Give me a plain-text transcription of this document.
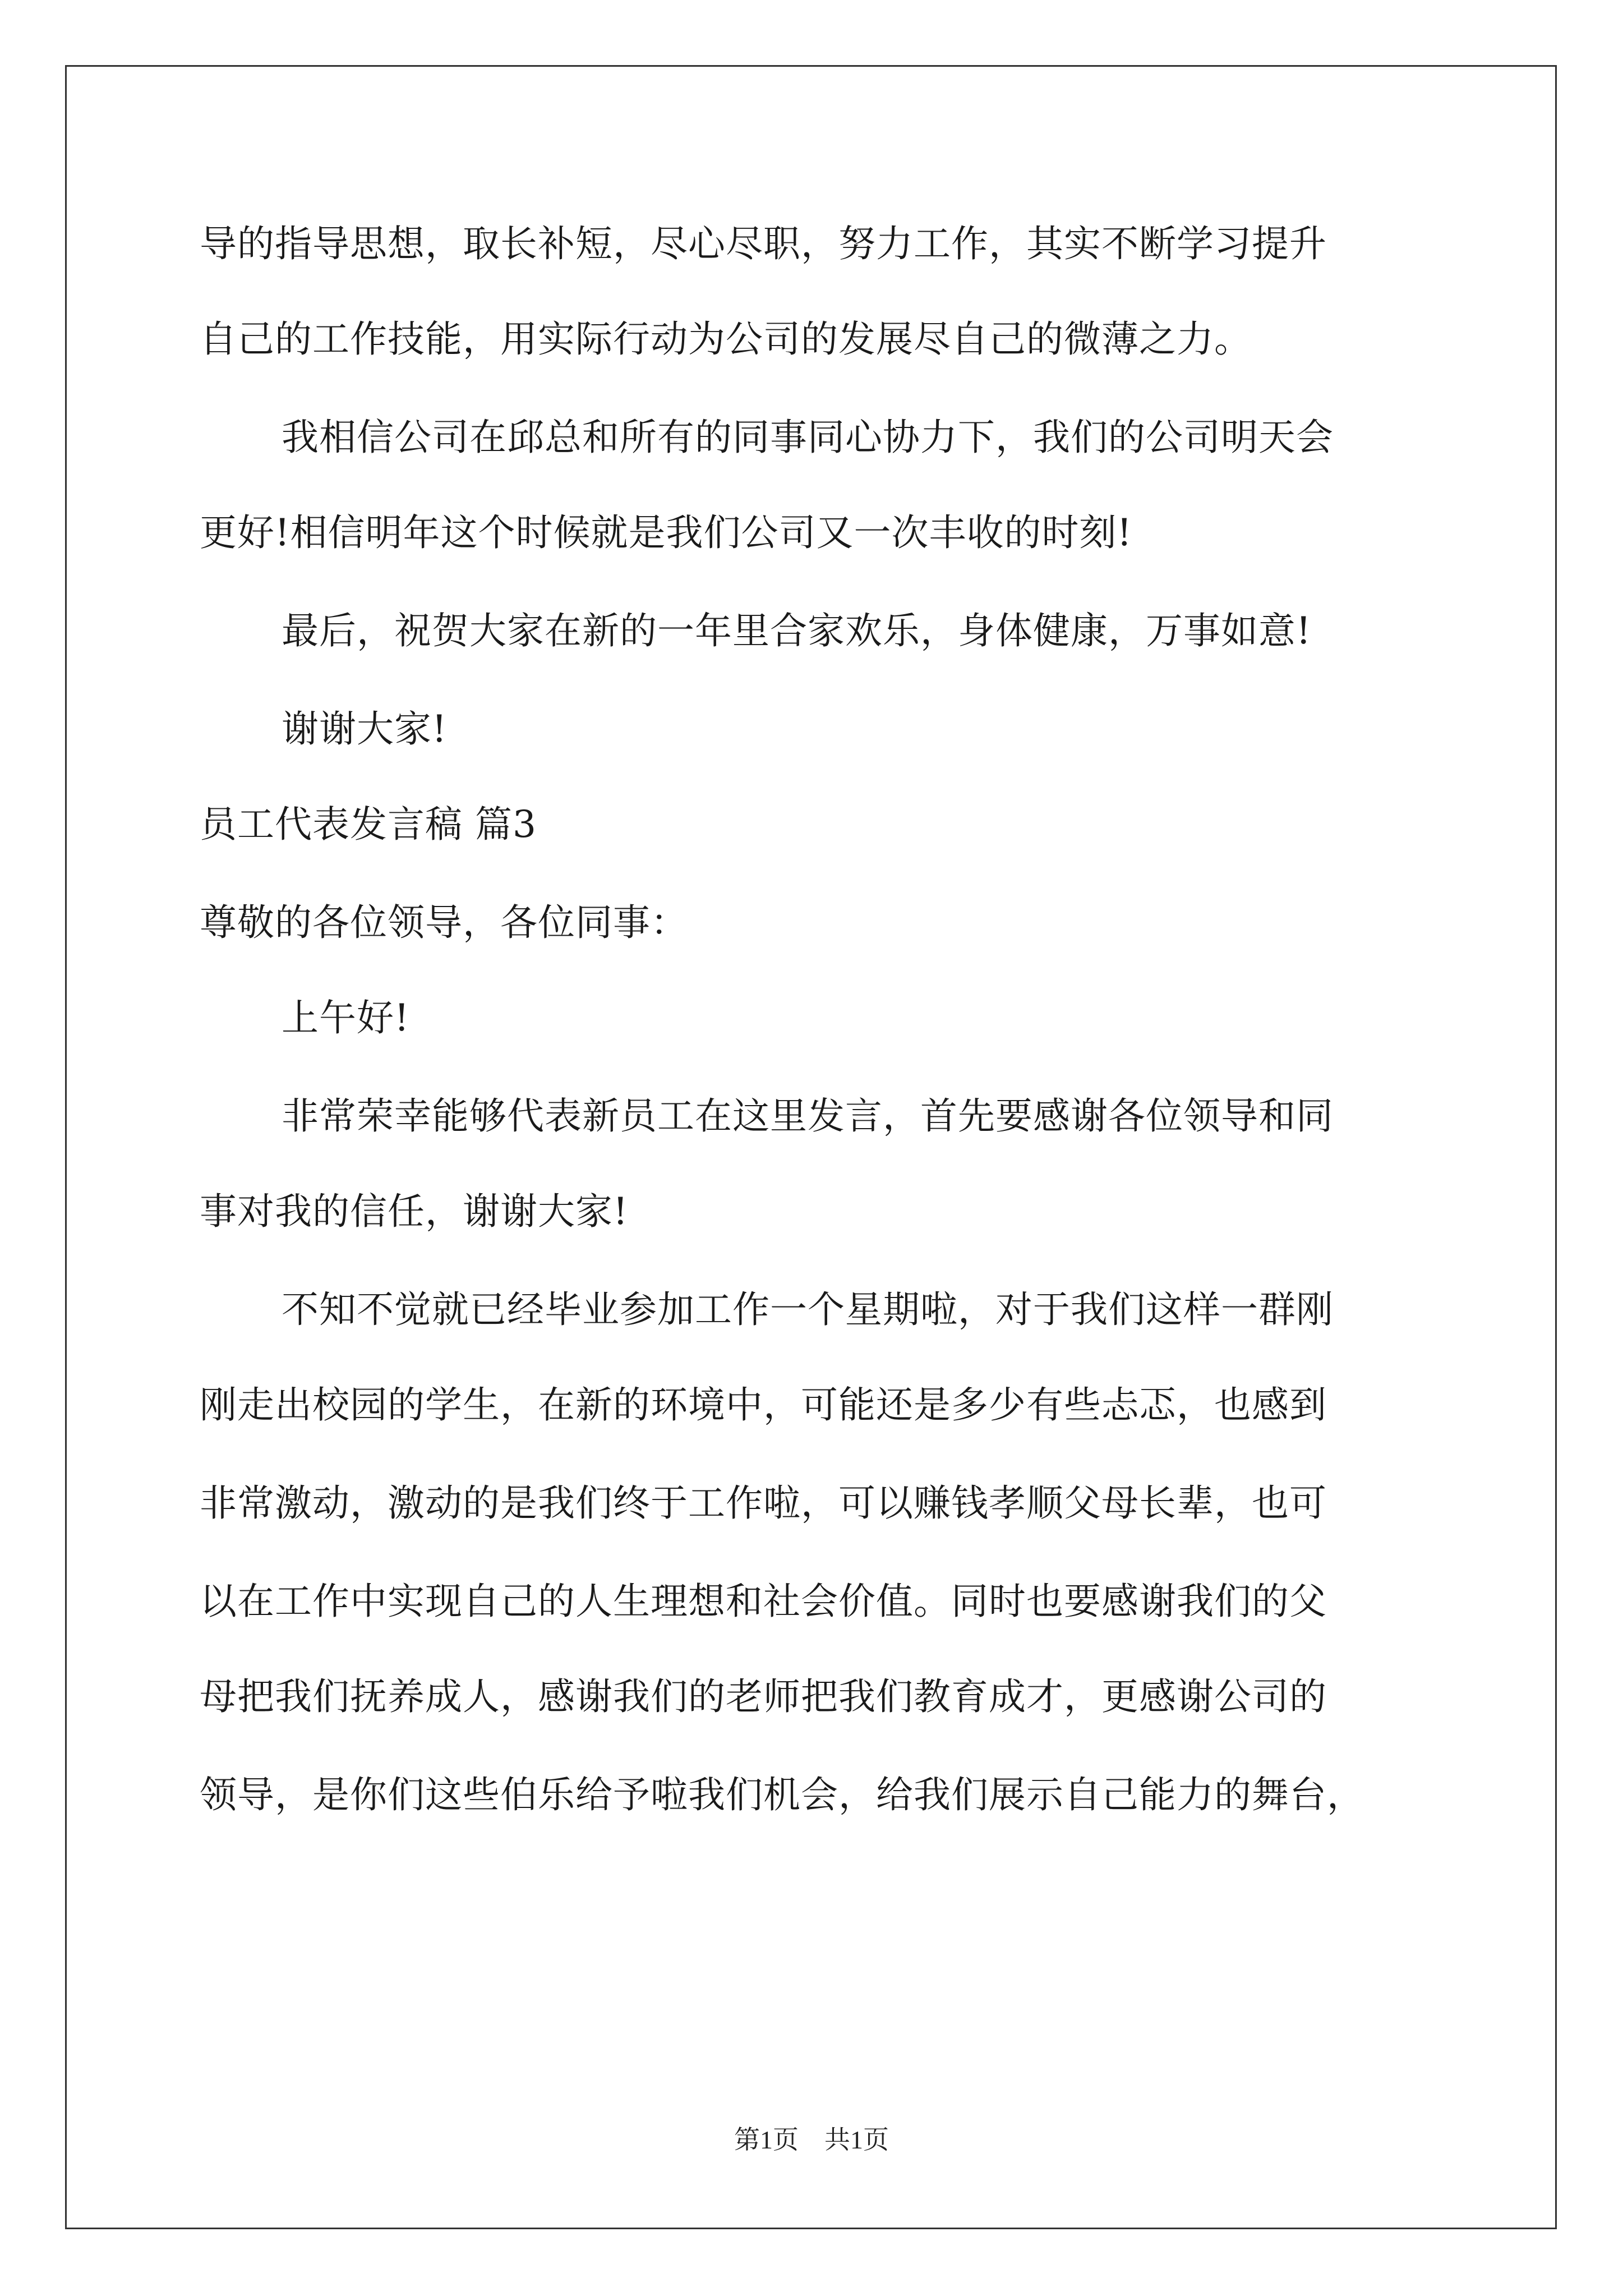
导的指导思想，取长补短，尽心尽职，努力工作，其实不断学习提升
自己的工作技能，用实际行动为公司的发展尽自己的微薄之力。
我相信公司在邱总和所有的同事同心协力下，我们的公司明天会
更好!相信明年这个时候就是我们公司又一次丰收的时刻!
最后，祝贺大家在新的一年里合家欢乐，身体健康，万事如意!
谢谢大家!
员工代表发言稿 篇3
尊敬的各位领导，各位同事：
上午好!
非常荣幸能够代表新员工在这里发言，首先要感谢各位领导和同
事对我的信任，谢谢大家!
不知不觉就已经毕业参加工作一个星期啦，对于我们这样一群刚
刚走出校园的学生，在新的环境中，可能还是多少有些忐忑，也感到
非常激动，激动的是我们终于工作啦，可以赚钱孝顺父母长辈，也可
以在工作中实现自己的人生理想和社会价值。同时也要感谢我们的父
母把我们抚养成人，感谢我们的老师把我们教育成才，更感谢公司的
领导，是你们这些伯乐给予啦我们机会，给我们展示自己能力的舞台，
第1页　共1页
